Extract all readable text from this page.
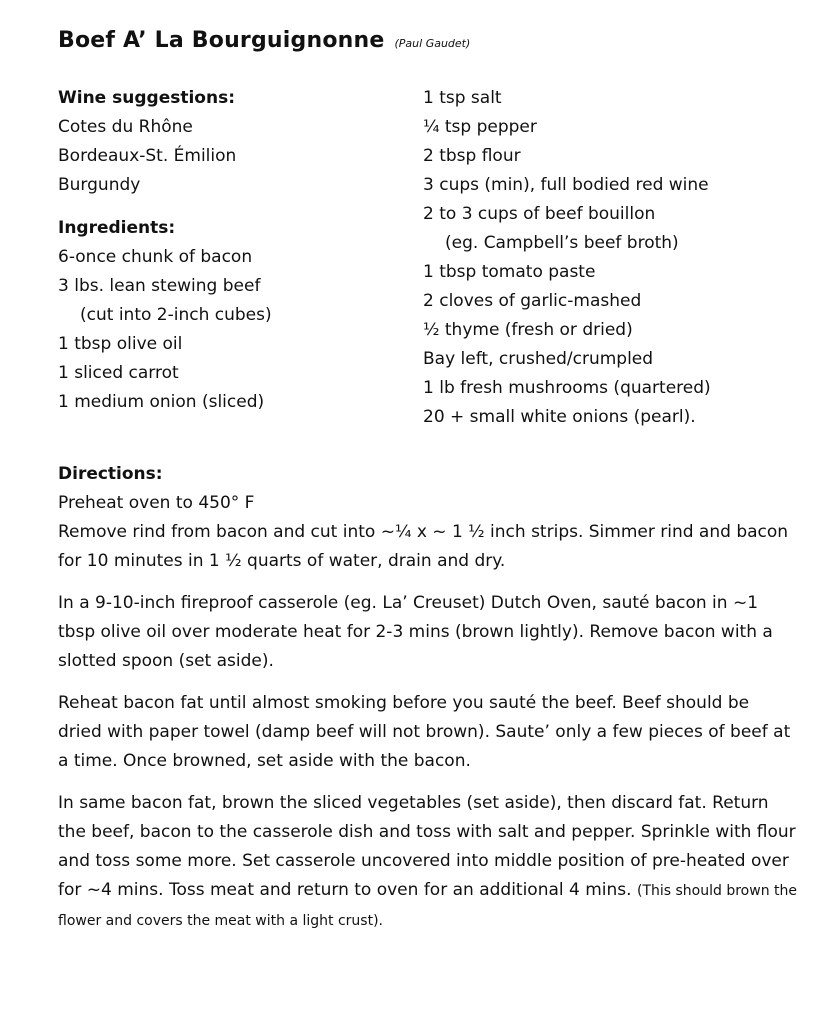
Boef A’ La Bourguignonne (Paul Gaudet)
Wine suggestions:
Cotes du Rhône
Bordeaux-St. Émilion
Burgundy
Ingredients:
6-once chunk of bacon
3 lbs. lean stewing beef
(cut into 2-inch cubes)
1 tbsp olive oil
1 sliced carrot
1 medium onion (sliced)
1 tsp salt
¼ tsp pepper
2 tbsp flour
3 cups (min), full bodied red wine
2 to 3 cups of beef bouillon
(eg. Campbell’s beef broth)
1 tbsp tomato paste
2 cloves of garlic-mashed
½ thyme (fresh or dried)
Bay left, crushed/crumpled
1 lb fresh mushrooms (quartered)
20 + small white onions (pearl).
Directions:
Preheat oven to 450° F
Remove rind from bacon and cut into ~¼ x ~ 1 ½ inch strips. Simmer rind and bacon for 10 minutes in 1 ½ quarts of water, drain and dry.
In a 9-10-inch fireproof casserole (eg. La’ Creuset) Dutch Oven, sauté bacon in ~1 tbsp olive oil over moderate heat for 2-3 mins (brown lightly). Remove bacon with a slotted spoon (set aside).
Reheat bacon fat until almost smoking before you sauté the beef. Beef should be dried with paper towel (damp beef will not brown). Saute’ only a few pieces of beef at a time. Once browned, set aside with the bacon.
In same bacon fat, brown the sliced vegetables (set aside), then discard fat. Return the beef, bacon to the casserole dish and toss with salt and pepper. Sprinkle with flour and toss some more. Set casserole uncovered into middle position of pre-heated over for ~4 mins. Toss meat and return to oven for an additional 4 mins. (This should brown the flower and covers the meat with a light crust).
